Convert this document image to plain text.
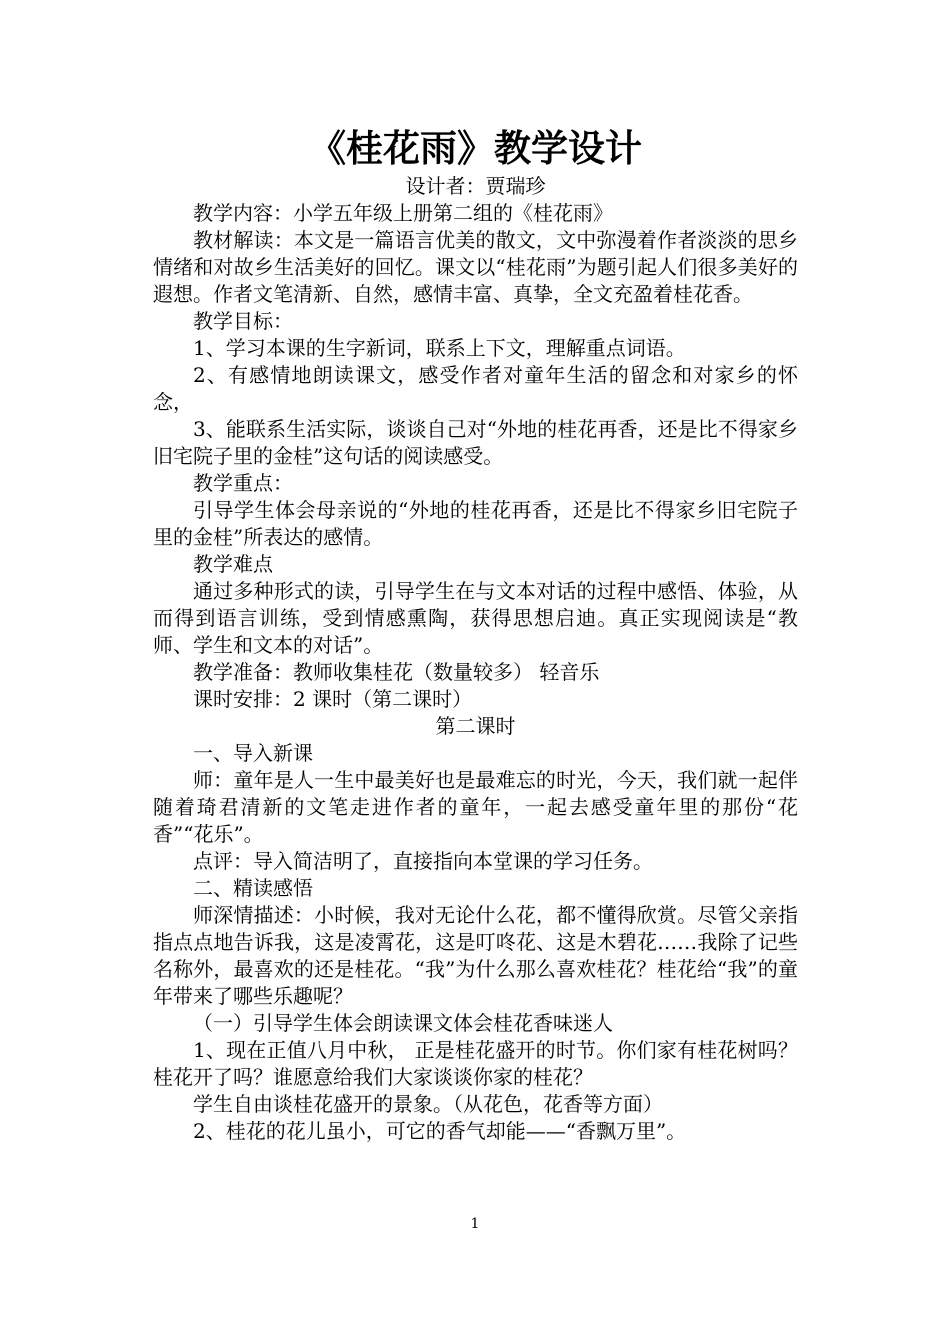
《桂花雨》教学设计

设计者：贾瑞珍

教学内容：小学五年级上册第二组的《桂花雨》

教材解读：本文是一篇语言优美的散文，文中弥漫着作者淡淡的思乡情绪和对故乡生活美好的回忆。课文以“桂花雨”为题引起人们很多美好的遐想。作者文笔清新、自然，感情丰富、真挚，全文充盈着桂花香。

教学目标：

1、学习本课的生字新词，联系上下文，理解重点词语。

2、有感情地朗读课文，感受作者对童年生活的留念和对家乡的怀念，

3、能联系生活实际，谈谈自己对“外地的桂花再香，还是比不得家乡旧宅院子里的金桂”这句话的阅读感受。

教学重点：

引导学生体会母亲说的“外地的桂花再香，还是比不得家乡旧宅院子里的金桂”所表达的感情。

教学难点

通过多种形式的读，引导学生在与文本对话的过程中感悟、体验，从而得到语言训练，受到情感熏陶，获得思想启迪。真正实现阅读是“教师、学生和文本的对话”。

教学准备：教师收集桂花（数量较多） 轻音乐

课时安排：2 课时（第二课时）

第二课时

一、导入新课

师：童年是人一生中最美好也是最难忘的时光，今天，我们就一起伴随着琦君清新的文笔走进作者的童年，一起去感受童年里的那份“花香”“花乐”。

点评：导入简洁明了，直接指向本堂课的学习任务。

二、精读感悟

师深情描述：小时候，我对无论什么花，都不懂得欣赏。尽管父亲指指点点地告诉我，这是凌霄花，这是叮咚花、这是木碧花……我除了记些名称外，最喜欢的还是桂花。“我”为什么那么喜欢桂花？桂花给“我”的童年带来了哪些乐趣呢？

（一）引导学生体会朗读课文体会桂花香味迷人

1、现在正值八月中秋， 正是桂花盛开的时节。你们家有桂花树吗？桂花开了吗？谁愿意给我们大家谈谈你家的桂花？

学生自由谈桂花盛开的景象。（从花色，花香等方面）

2、桂花的花儿虽小，可它的香气却能——“香飘万里”。

1
